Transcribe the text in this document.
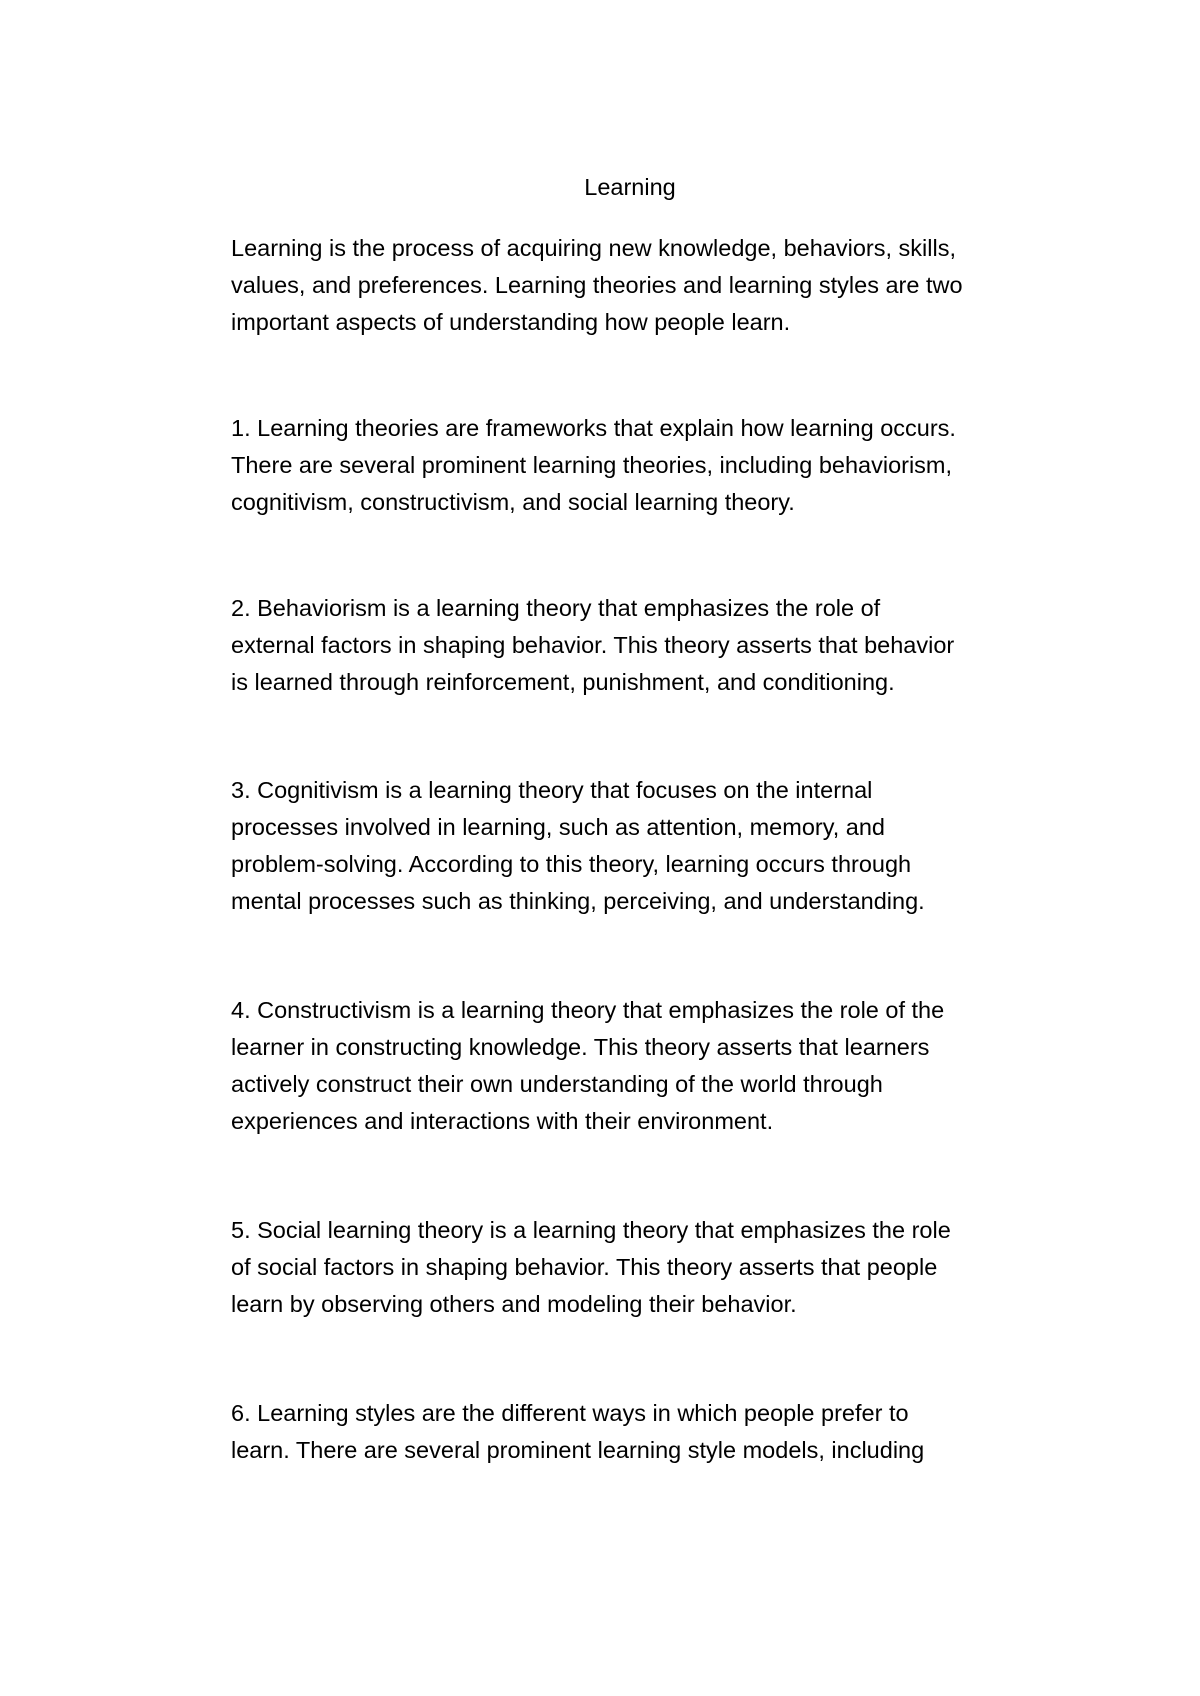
Learning

Learning is the process of acquiring new knowledge, behaviors, skills,
values, and preferences. Learning theories and learning styles are two
important aspects of understanding how people learn.

1. Learning theories are frameworks that explain how learning occurs.
There are several prominent learning theories, including behaviorism,
cognitivism, constructivism, and social learning theory.

2. Behaviorism is a learning theory that emphasizes the role of
external factors in shaping behavior. This theory asserts that behavior
is learned through reinforcement, punishment, and conditioning.

3. Cognitivism is a learning theory that focuses on the internal
processes involved in learning, such as attention, memory, and
problem-solving. According to this theory, learning occurs through
mental processes such as thinking, perceiving, and understanding.

4. Constructivism is a learning theory that emphasizes the role of the
learner in constructing knowledge. This theory asserts that learners
actively construct their own understanding of the world through
experiences and interactions with their environment.

5. Social learning theory is a learning theory that emphasizes the role
of social factors in shaping behavior. This theory asserts that people
learn by observing others and modeling their behavior.

6. Learning styles are the different ways in which people prefer to
learn. There are several prominent learning style models, including
